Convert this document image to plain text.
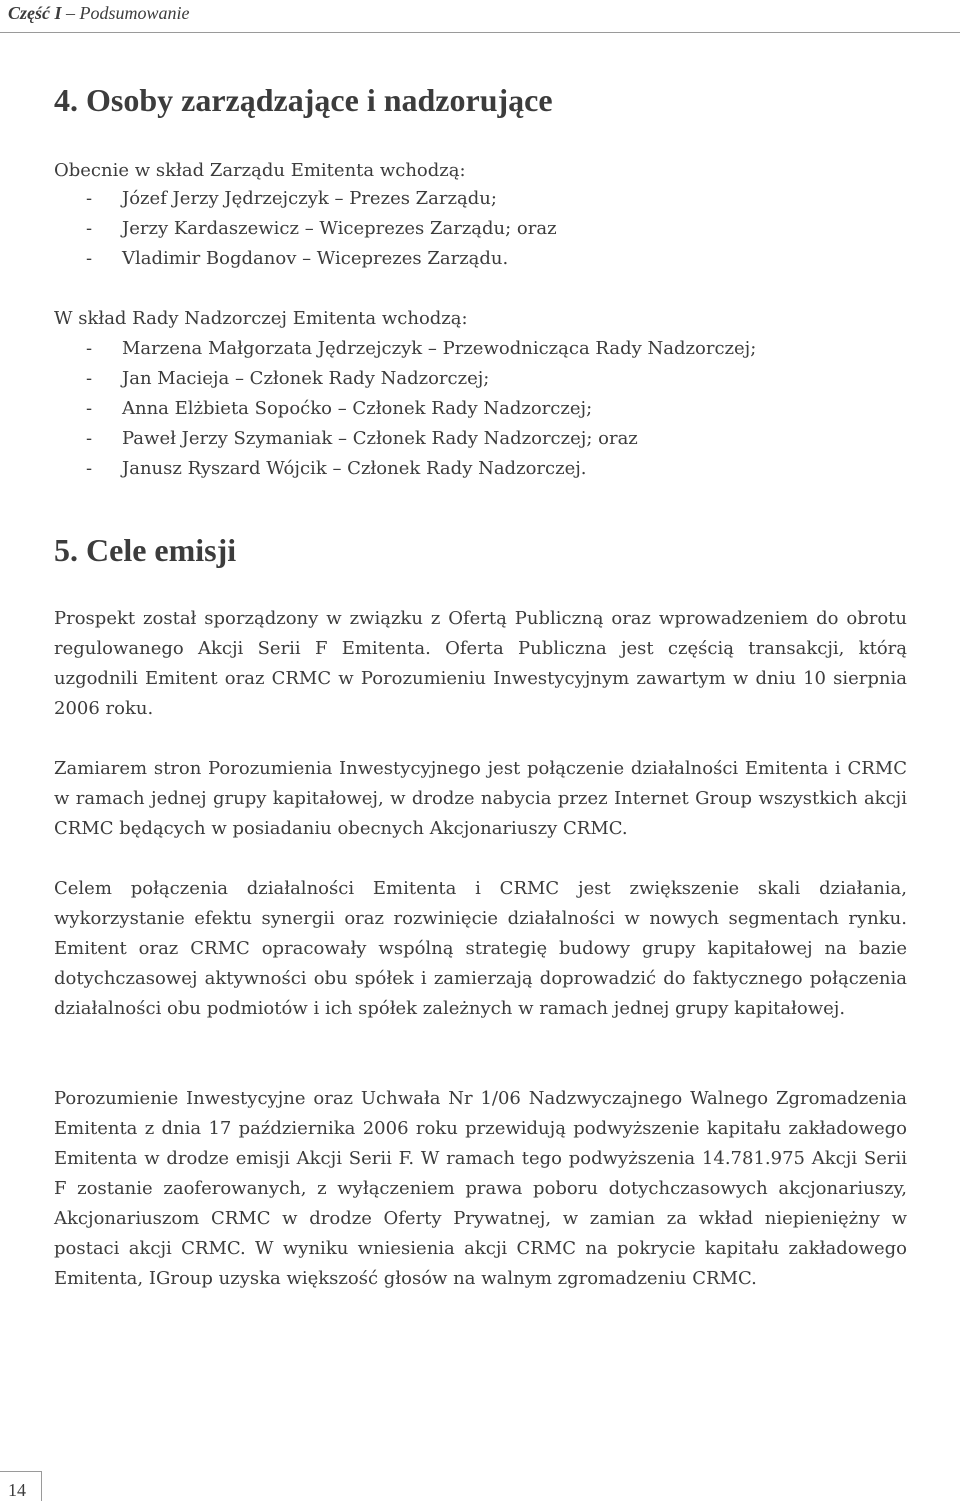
Część I – Podsumowanie
4. Osoby zarządzające i nadzorujące
Obecnie w skład Zarządu Emitenta wchodzą:
- Józef Jerzy Jędrzejczyk – Prezes Zarządu;
- Jerzy Kardaszewicz – Wiceprezes Zarządu; oraz
- Vladimir Bogdanov – Wiceprezes Zarządu.
W skład Rady Nadzorczej Emitenta wchodzą:
- Marzena Małgorzata Jędrzejczyk – Przewodnicząca Rady Nadzorczej;
- Jan Macieja – Członek Rady Nadzorczej;
- Anna Elżbieta Sopoćko – Członek Rady Nadzorczej;
- Paweł Jerzy Szymaniak – Członek Rady Nadzorczej; oraz
- Janusz Ryszard Wójcik – Członek Rady Nadzorczej.
5. Cele emisji

Prospekt został sporządzony w związku z Ofertą Publiczną oraz wprowadzeniem do obrotu regulowanego Akcji Serii F Emitenta. Oferta Publiczna jest częścią transakcji, którą uzgodnili Emitent oraz CRMC w Porozumieniu Inwestycyjnym zawartym w dniu 10 sierpnia 2006 roku.

Zamiarem stron Porozumienia Inwestycyjnego jest połączenie działalności Emitenta i CRMC w ramach jednej grupy kapitałowej, w drodze nabycia przez Internet Group wszystkich akcji CRMC będących w posiadaniu obecnych Akcjonariuszy CRMC.

Celem połączenia działalności Emitenta i CRMC jest zwiększenie skali działania, wykorzystanie efektu synergii oraz rozwinięcie działalności w nowych segmentach rynku. Emitent oraz CRMC opracowały wspólną strategię budowy grupy kapitałowej na bazie dotychczasowej aktywności obu spółek i zamierzają doprowadzić do faktycznego połączenia działalności obu podmiotów i ich spółek zależnych w ramach jednej grupy kapitałowej.

Porozumienie Inwestycyjne oraz Uchwała Nr 1/06 Nadzwyczajnego Walnego Zgromadzenia Emitenta z dnia 17 października 2006 roku przewidują podwyższenie kapitału zakładowego Emitenta w drodze emisji Akcji Serii F. W ramach tego podwyższenia 14.781.975 Akcji Serii F zostanie zaoferowanych, z wyłączeniem prawa poboru dotychczasowych akcjonariuszy, Akcjonariuszom CRMC w drodze Oferty Prywatnej, w zamian za wkład niepieniężny w postaci akcji CRMC. W wyniku wniesienia akcji CRMC na pokrycie kapitału zakładowego Emitenta, IGroup uzyska większość głosów na walnym zgromadzeniu CRMC.

14
